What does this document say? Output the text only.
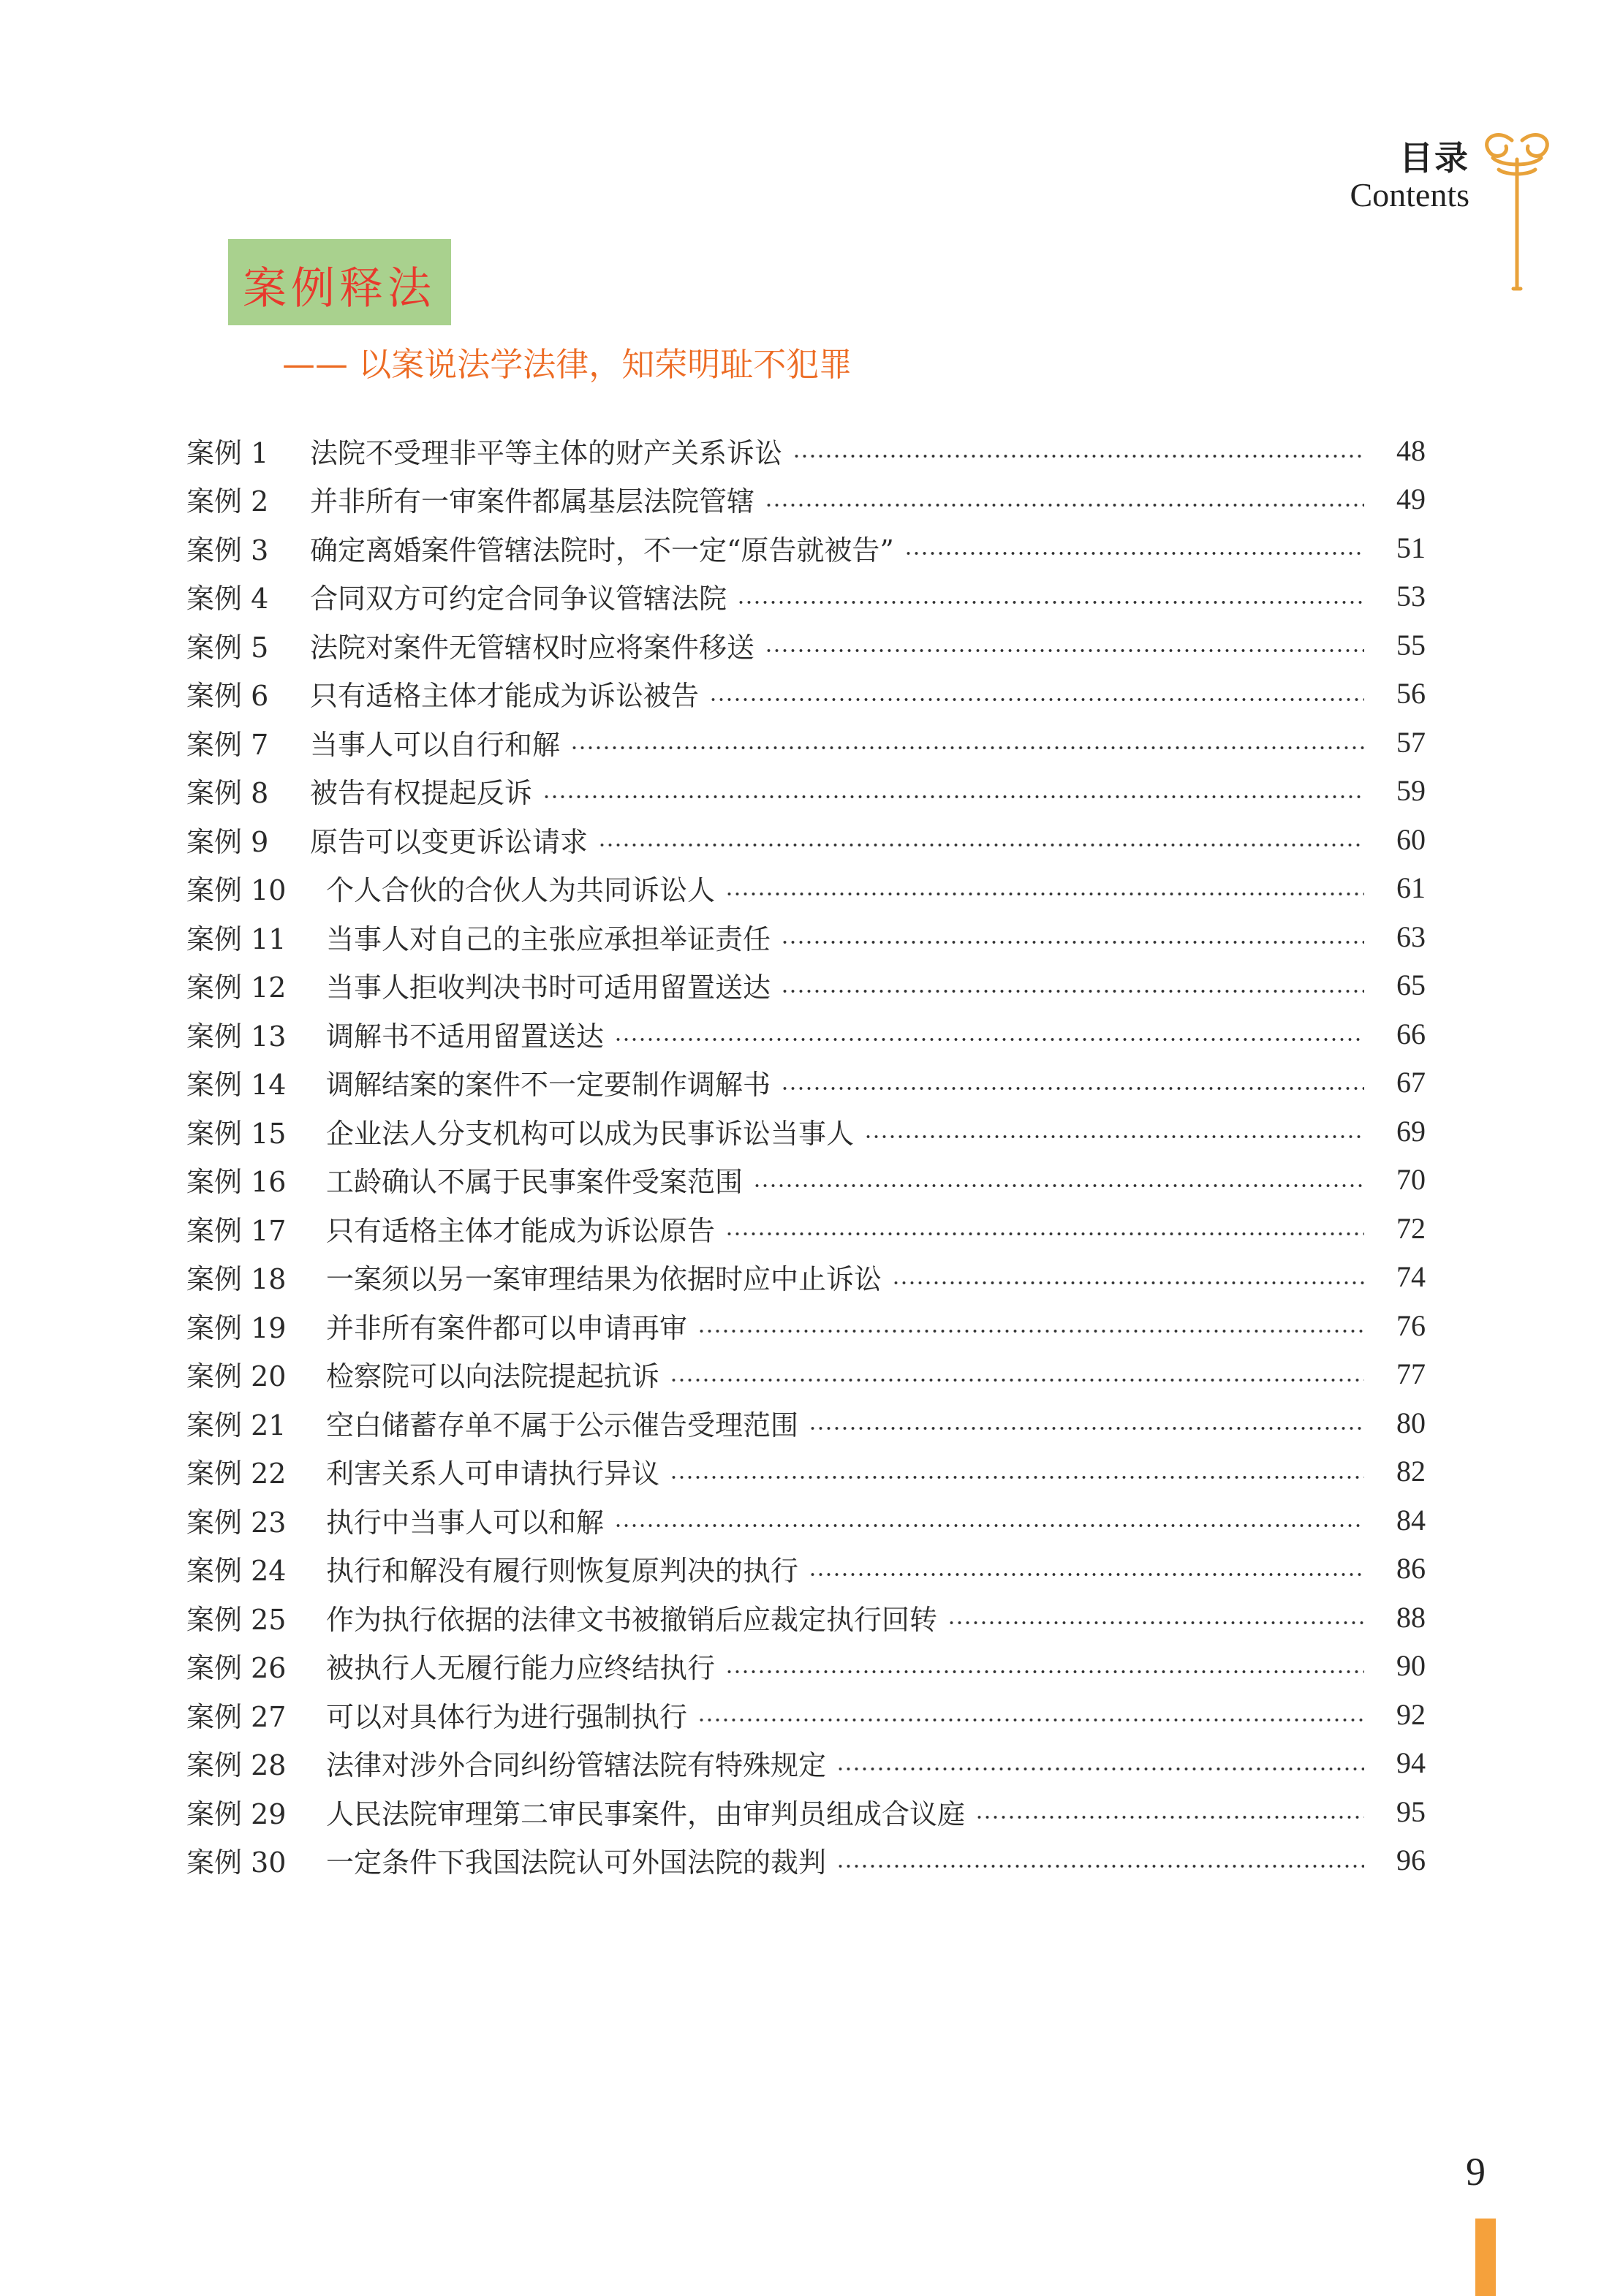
目录
Contents
案例释法
—— 以案说法学法律，知荣明耻不犯罪
案例 1	法院不受理非平等主体的财产关系诉讼	48
案例 2	并非所有一审案件都属基层法院管辖	49
案例 3	确定离婚案件管辖法院时，不一定“原告就被告”	51
案例 4	合同双方可约定合同争议管辖法院	53
案例 5	法院对案件无管辖权时应将案件移送	55
案例 6	只有适格主体才能成为诉讼被告	56
案例 7	当事人可以自行和解	57
案例 8	被告有权提起反诉	59
案例 9	原告可以变更诉讼请求	60
案例 10	个人合伙的合伙人为共同诉讼人	61
案例 11	当事人对自己的主张应承担举证责任	63
案例 12	当事人拒收判决书时可适用留置送达	65
案例 13	调解书不适用留置送达	66
案例 14	调解结案的案件不一定要制作调解书	67
案例 15	企业法人分支机构可以成为民事诉讼当事人	69
案例 16	工龄确认不属于民事案件受案范围	70
案例 17	只有适格主体才能成为诉讼原告	72
案例 18	一案须以另一案审理结果为依据时应中止诉讼	74
案例 19	并非所有案件都可以申请再审	76
案例 20	检察院可以向法院提起抗诉	77
案例 21	空白储蓄存单不属于公示催告受理范围	80
案例 22	利害关系人可申请执行异议	82
案例 23	执行中当事人可以和解	84
案例 24	执行和解没有履行则恢复原判决的执行	86
案例 25	作为执行依据的法律文书被撤销后应裁定执行回转	88
案例 26	被执行人无履行能力应终结执行	90
案例 27	可以对具体行为进行强制执行	92
案例 28	法律对涉外合同纠纷管辖法院有特殊规定	94
案例 29	人民法院审理第二审民事案件，由审判员组成合议庭	95
案例 30	一定条件下我国法院认可外国法院的裁判	96
9
